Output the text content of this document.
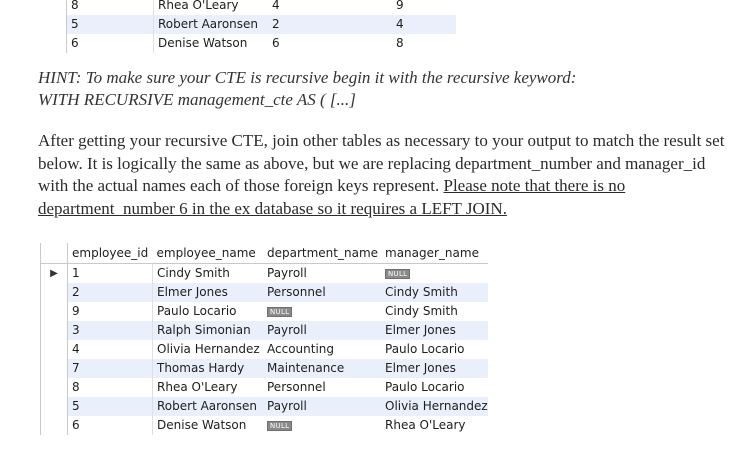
	8	Rhea O'Leary	4	9
	5	Robert Aaronsen	2	4
	6	Denise Watson	6	8
HINT: To make sure your CTE is recursive begin it with the recursive keyword:
WITH RECURSIVE management_cte AS ( [...]
After getting your recursive CTE, join other tables as necessary to your output to match the result set below. It is logically the same as above, but we are replacing department_number and manager_id with the actual names each of those foreign keys represent. Please note that there is no department_number 6 in the ex database so it requires a LEFT JOIN.
	employee_id	employee_name	department_name	manager_name
▶	1	Cindy Smith	Payroll	NULL
	2	Elmer Jones	Personnel	Cindy Smith
	9	Paulo Locario	NULL	Cindy Smith
	3	Ralph Simonian	Payroll	Elmer Jones
	4	Olivia Hernandez	Accounting	Paulo Locario
	7	Thomas Hardy	Maintenance	Elmer Jones
	8	Rhea O'Leary	Personnel	Paulo Locario
	5	Robert Aaronsen	Payroll	Olivia Hernandez
	6	Denise Watson	NULL	Rhea O'Leary
